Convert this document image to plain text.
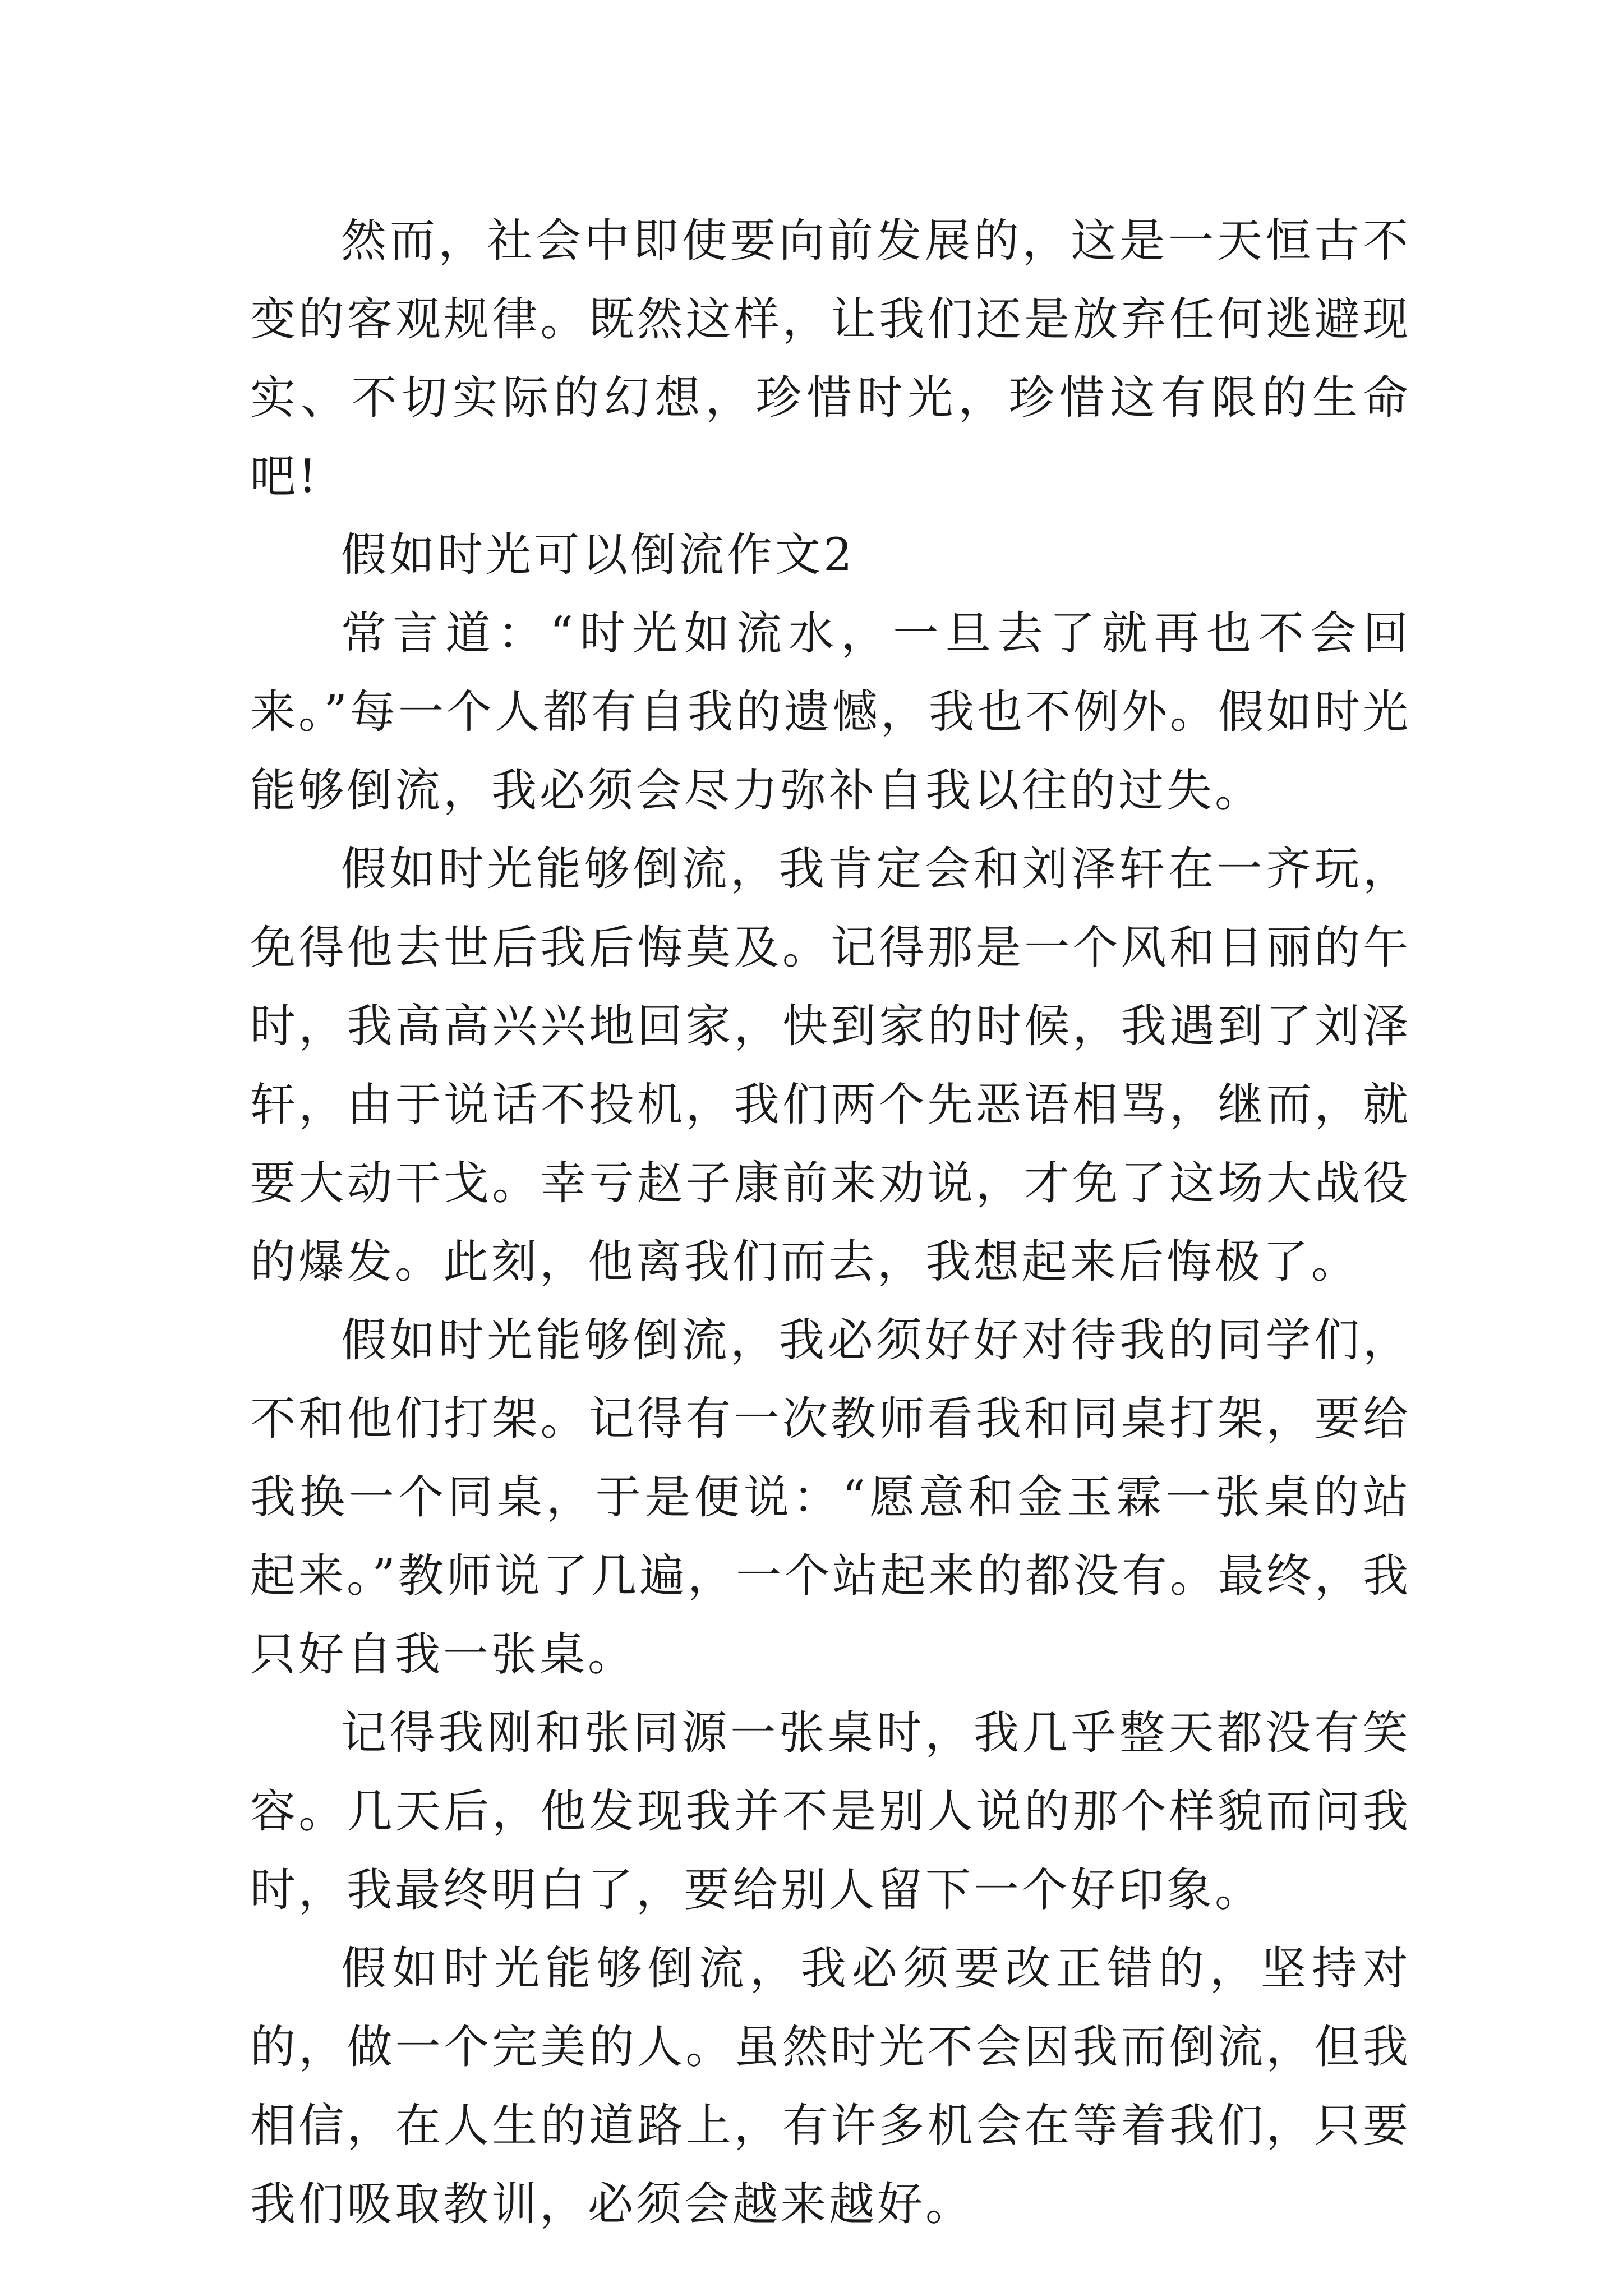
然而，社会中即使要向前发展的，这是一天恒古不变的客观规律。既然这样，让我们还是放弃任何逃避现实、不切实际的幻想，珍惜时光，珍惜这有限的生命吧!

假如时光可以倒流作文2

常言道：“时光如流水，一旦去了就再也不会回来。”每一个人都有自我的遗憾，我也不例外。假如时光能够倒流，我必须会尽力弥补自我以往的过失。

假如时光能够倒流，我肯定会和刘泽轩在一齐玩，免得他去世后我后悔莫及。记得那是一个风和日丽的午时，我高高兴兴地回家，快到家的时候，我遇到了刘泽轩，由于说话不投机，我们两个先恶语相骂，继而，就要大动干戈。幸亏赵子康前来劝说，才免了这场大战役的爆发。此刻，他离我们而去，我想起来后悔极了。

假如时光能够倒流，我必须好好对待我的同学们，不和他们打架。记得有一次教师看我和同桌打架，要给我换一个同桌，于是便说：“愿意和金玉霖一张桌的站起来。”教师说了几遍，一个站起来的都没有。最终，我只好自我一张桌。

记得我刚和张同源一张桌时，我几乎整天都没有笑容。几天后，他发现我并不是别人说的那个样貌而问我时，我最终明白了，要给别人留下一个好印象。

假如时光能够倒流，我必须要改正错的，坚持对的，做一个完美的人。虽然时光不会因我而倒流，但我相信，在人生的道路上，有许多机会在等着我们，只要我们吸取教训，必须会越来越好。
